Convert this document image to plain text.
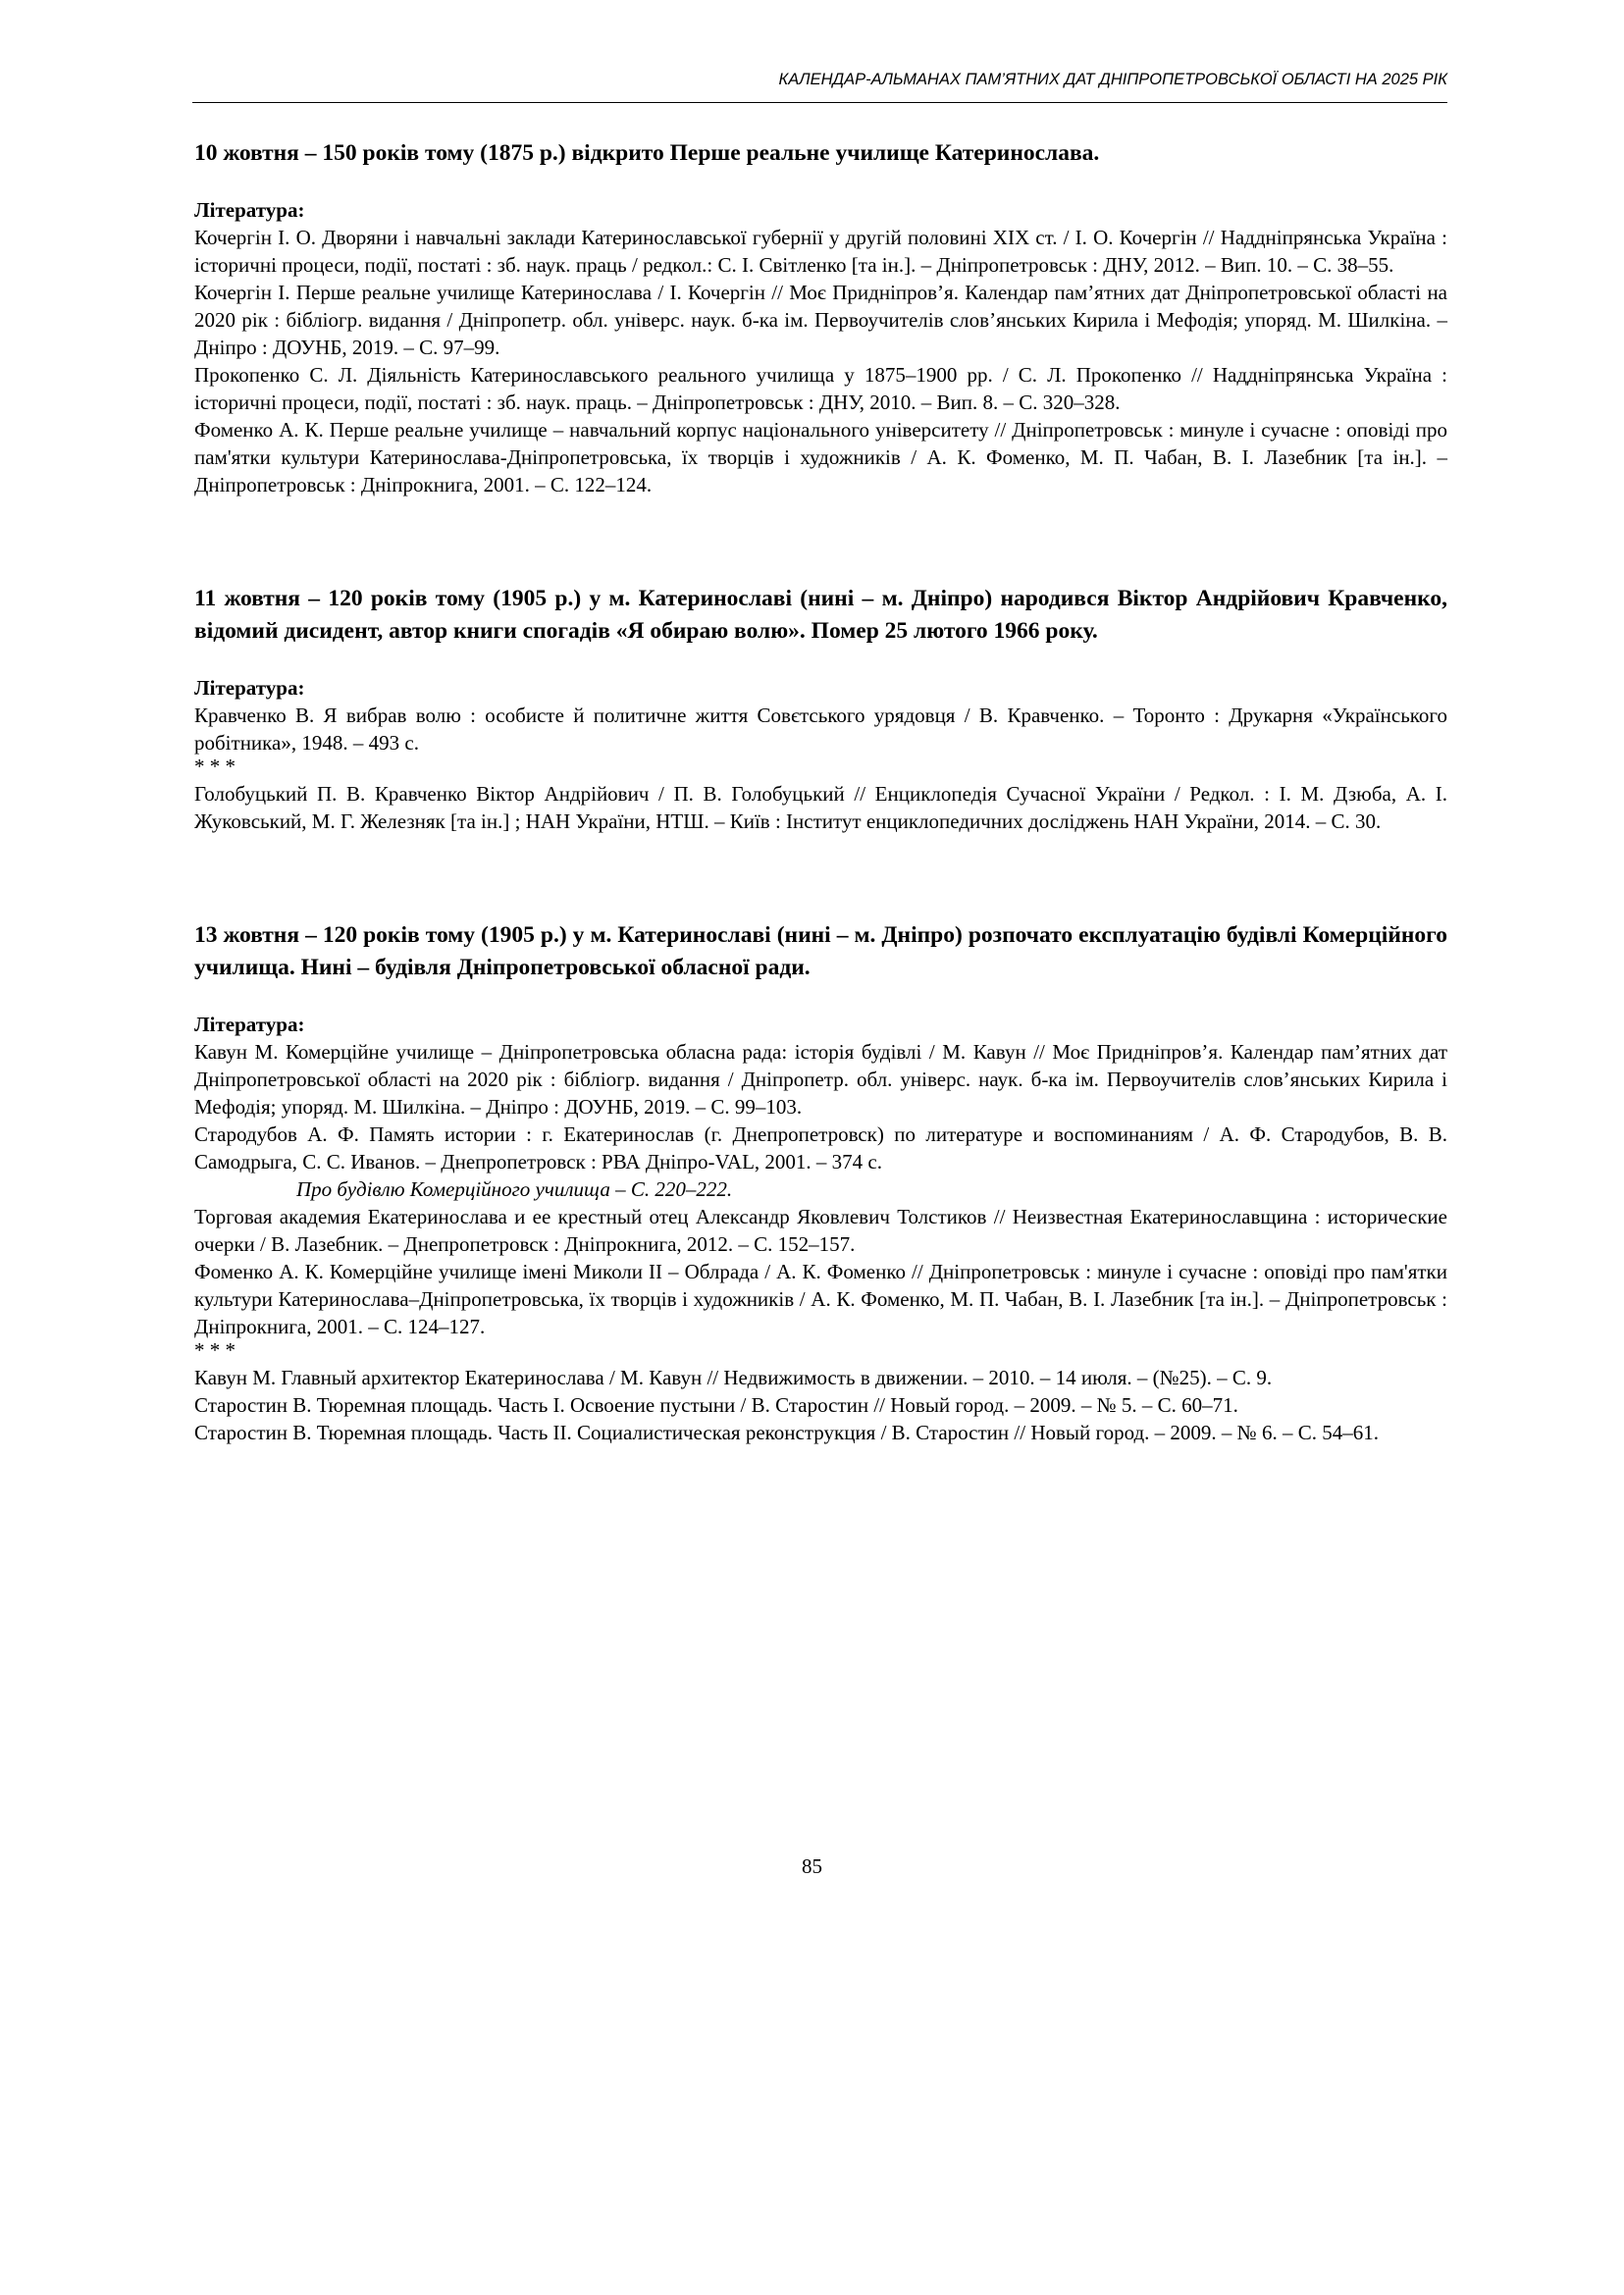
КАЛЕНДАР-АЛЬМАНАХ ПАМ’ЯТНИХ ДАТ ДНІПРОПЕТРОВСЬКОЇ ОБЛАСТІ НА 2025 РІК

10 жовтня – 150 років тому (1875 р.) відкрито Перше реальне училище Катеринослава.

Література:

Кочергін І. О. Дворяни і навчальні заклади Катеринославської губернії у другій половині ХІХ ст. / І. О. Кочергін // Наддніпрянська Україна : історичні процеси, події, постаті : зб. наук. праць / редкол.: С. І. Світленко [та ін.]. – Дніпропетровськ : ДНУ, 2012. – Вип. 10. – С. 38–55.

Кочергін І. Перше реальне училище Катеринослава / І. Кочергін // Моє Придніпров’я. Календар пам’ятних дат Дніпропетровської області на 2020 рік : бібліогр. видання / Дніпропетр. обл. універс. наук. б-ка ім. Первоучителів слов’янських Кирила і Мефодія; упоряд. М. Шилкіна. – Дніпро : ДОУНБ, 2019. – С. 97–99.

Прокопенко С. Л. Діяльність Катеринославського реального училища у 1875–1900 рр. / С. Л. Прокопенко // Наддніпрянська Україна : історичні процеси, події, постаті : зб. наук. праць. – Дніпропетровськ : ДНУ, 2010. – Вип. 8. – С. 320–328.

Фоменко А. К. Перше реальне училище – навчальний корпус національного університету // Дніпропетровськ : минуле і сучасне : оповіді про пам'ятки культури Катеринослава-Дніпропетровська, їх творців і художників / А. К. Фоменко, М. П. Чабан, В. І. Лазебник [та ін.]. – Дніпропетровськ : Дніпрокнига, 2001. – С. 122–124.

11 жовтня – 120 років тому (1905 р.) у м. Катеринославі (нині – м. Дніпро) народився Віктор Андрійович Кравченко, відомий дисидент, автор книги спогадів «Я обираю волю». Помер 25 лютого 1966 року.

Література:

Кравченко В. Я вибрав волю : особисте й политичне життя Совєтського урядовця / В. Кравченко. – Торонто : Друкарня «Українського робітника», 1948. – 493 с.

* * *

Голобуцький П. В. Кравченко Віктор Андрійович / П. В. Голобуцький // Енциклопедія Сучасної України / Редкол. : І. М. Дзюба, А. І. Жуковський, М. Г. Железняк [та ін.] ; НАН України, НТШ. – Київ : Інститут енциклопедичних досліджень НАН України, 2014. – С. 30.

13 жовтня – 120 років тому (1905 р.) у м. Катеринославі (нині – м. Дніпро) розпочато експлуатацію будівлі Комерційного училища. Нині – будівля Дніпропетровської обласної ради.

Література:

Кавун М. Комерційне училище – Дніпропетровська обласна рада: історія будівлі / М. Кавун // Моє Придніпров’я. Календар пам’ятних дат Дніпропетровської області на 2020 рік : бібліогр. видання / Дніпропетр. обл. універс. наук. б-ка ім. Первоучителів слов’янських Кирила і Мефодія; упоряд. М. Шилкіна. – Дніпро : ДОУНБ, 2019. – С. 99–103.

Стародубов А. Ф. Память истории : г. Екатеринослав (г. Днепропетровск) по литературе и воспоминаниям / А. Ф. Стародубов, В. В. Самодрыга, С. С. Иванов. – Днепропетровск : РВА Дніпро-VAL, 2001. – 374 с.

Про будівлю Комерційного училища – С. 220–222.

Торговая академия Екатеринослава и ее крестный отец Александр Яковлевич Толстиков // Неизвестная Екатеринославщина : исторические очерки / В. Лазебник. – Днепропетровск : Дніпрокнига, 2012. – С. 152–157.

Фоменко А. К. Комерційне училище імені Миколи ІІ – Облрада / А. К. Фоменко // Дніпропетровськ : минуле і сучасне : оповіді про пам'ятки культури Катеринослава–Дніпропетровська, їх творців і художників / А. К. Фоменко, М. П. Чабан, В. І. Лазебник [та ін.]. – Дніпропетровськ : Дніпрокнига, 2001. – С. 124–127.

* * *

Кавун М. Главный архитектор Екатеринослава / М. Кавун // Недвижимость в движении. – 2010. – 14 июля. – (№25). – С. 9.

Старостин В. Тюремная площадь. Часть I. Освоение пустыни / В. Старостин // Новый город. – 2009. – № 5. – С. 60–71.

Старостин В. Тюремная площадь. Часть II. Социалистическая реконструкция / В. Старостин // Новый город. – 2009. – № 6. – С. 54–61.

85
